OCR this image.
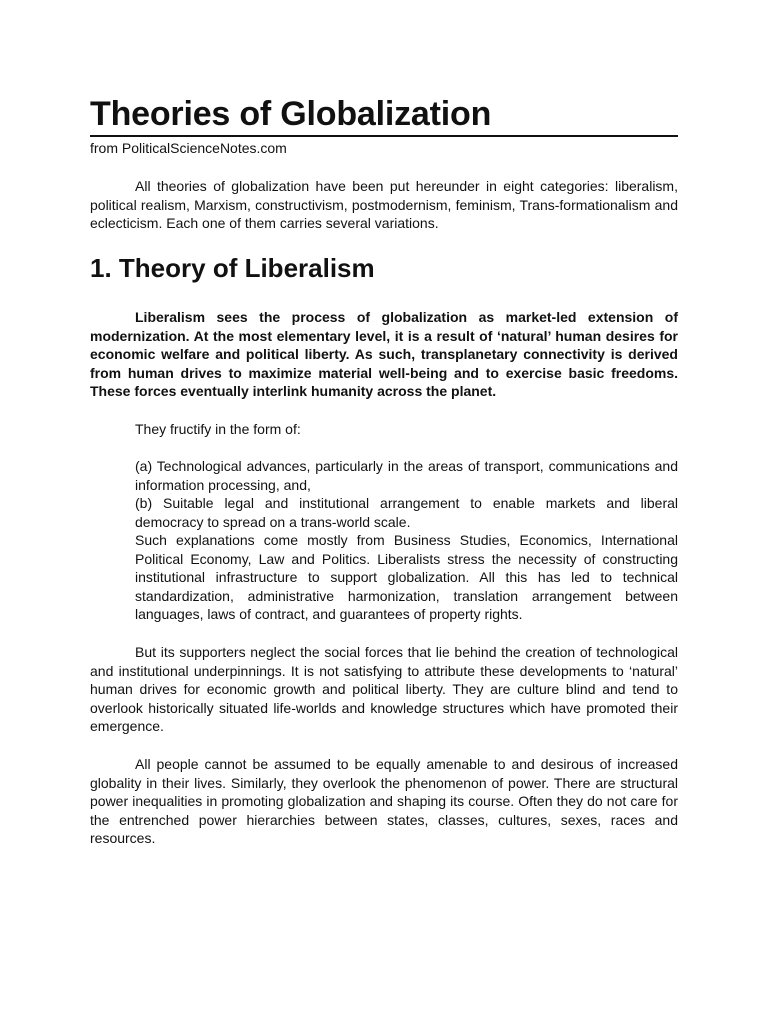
Theories of Globalization
from PoliticalScienceNotes.com

All theories of globalization have been put hereunder in eight categories: liberalism, political realism, Marxism, constructivism, postmodernism, feminism, Trans-formationalism and eclecticism. Each one of them carries several variations.

1. Theory of Liberalism

Liberalism sees the process of globalization as market-led extension of modernization. At the most elementary level, it is a result of ‘natural’ human desires for economic welfare and political liberty. As such, transplanetary connectivity is derived from human drives to maximize material well-being and to exercise basic freedoms. These forces eventually interlink humanity across the planet.

They fructify in the form of:
(a) Technological advances, particularly in the areas of transport, communications and information processing, and,
(b) Suitable legal and institutional arrangement to enable markets and liberal democracy to spread on a trans-world scale.
Such explanations come mostly from Business Studies, Economics, International Political Economy, Law and Politics. Liberalists stress the necessity of constructing institutional infrastructure to support globalization. All this has led to technical standardization, administrative harmonization, translation arrangement between languages, laws of contract, and guarantees of property rights.

But its supporters neglect the social forces that lie behind the creation of technological and institutional underpinnings. It is not satisfying to attribute these developments to ‘natural’ human drives for economic growth and political liberty. They are culture blind and tend to overlook historically situated life-worlds and knowledge structures which have promoted their emergence.

All people cannot be assumed to be equally amenable to and desirous of increased globality in their lives. Similarly, they overlook the phenomenon of power. There are structural power inequalities in promoting globalization and shaping its course. Often they do not care for the entrenched power hierarchies between states, classes, cultures, sexes, races and resources.
